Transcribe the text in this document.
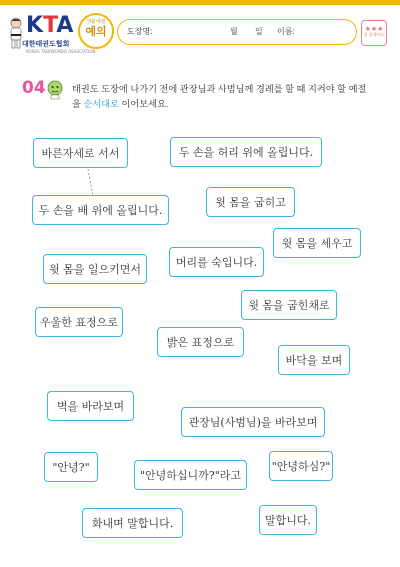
KTA
대한태권도협회
KOREA TAEKWONDO ASSOCIATION
생활예절
예의	도장명:	월 일 이름:	★★★
참 잘했어요
04	태권도 도장에 나가기 전에 관장님과 사범님께 경례를 할 때 지켜야 할 예절을 순서대로 이어보세요.
바른자세로 서서	두 손을 허리 위에 올립니다.
두 손을 배 위에 올립니다.
윗 몸을 굽히고
윗 몸을 세우고
윗 몸을 일으키면서
머리를 숙입니다.
윗 몸을 굽힌채로
우울한 표정으로
밝은 표정으로
바닥을 보며
벽을 바라보며
관장님(사범님)을 바라보며
"안녕?"
"안녕하십니까?"라고
"안녕하심?"
화내며 말합니다.	말합니다.
